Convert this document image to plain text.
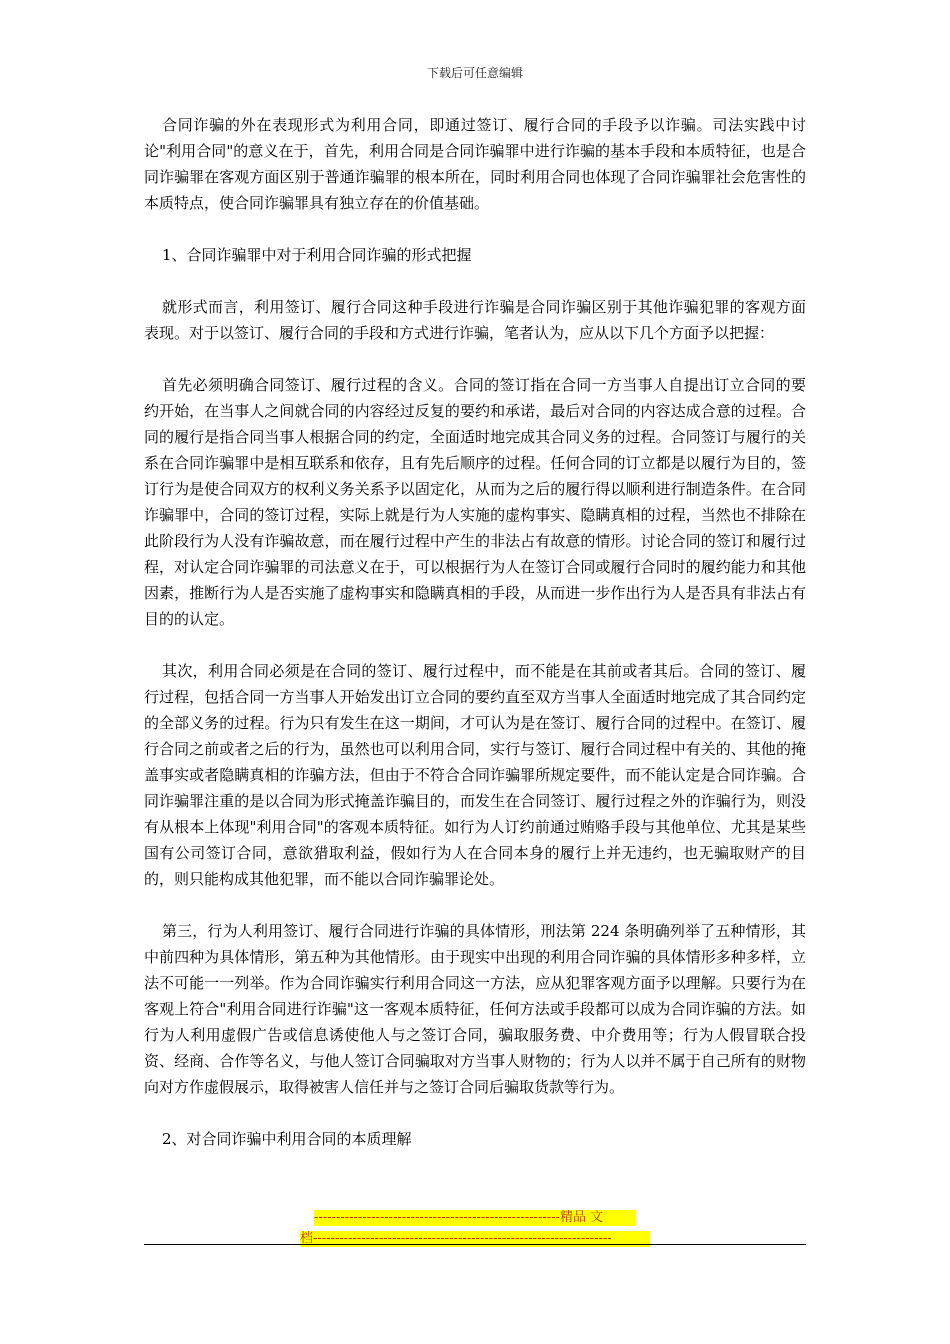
下载后可任意编辑

合同诈骗的外在表现形式为利用合同，即通过签订、履行合同的手段予以诈骗。司法实践中讨论"利用合同"的意义在于，首先，利用合同是合同诈骗罪中进行诈骗的基本手段和本质特征，也是合同诈骗罪在客观方面区别于普通诈骗罪的根本所在，同时利用合同也体现了合同诈骗罪社会危害性的本质特点，使合同诈骗罪具有独立存在的价值基础。

1、合同诈骗罪中对于利用合同诈骗的形式把握

就形式而言，利用签订、履行合同这种手段进行诈骗是合同诈骗区别于其他诈骗犯罪的客观方面表现。对于以签订、履行合同的手段和方式进行诈骗，笔者认为，应从以下几个方面予以把握：

首先必须明确合同签订、履行过程的含义。合同的签订指在合同一方当事人自提出订立合同的要约开始，在当事人之间就合同的内容经过反复的要约和承诺，最后对合同的内容达成合意的过程。合同的履行是指合同当事人根据合同的约定，全面适时地完成其合同义务的过程。合同签订与履行的关系在合同诈骗罪中是相互联系和依存，且有先后顺序的过程。任何合同的订立都是以履行为目的，签订行为是使合同双方的权利义务关系予以固定化，从而为之后的履行得以顺利进行制造条件。在合同诈骗罪中，合同的签订过程，实际上就是行为人实施的虚构事实、隐瞒真相的过程，当然也不排除在此阶段行为人没有诈骗故意，而在履行过程中产生的非法占有故意的情形。讨论合同的签订和履行过程，对认定合同诈骗罪的司法意义在于，可以根据行为人在签订合同或履行合同时的履约能力和其他因素，推断行为人是否实施了虚构事实和隐瞒真相的手段，从而进一步作出行为人是否具有非法占有目的的认定。

其次，利用合同必须是在合同的签订、履行过程中，而不能是在其前或者其后。合同的签订、履行过程，包括合同一方当事人开始发出订立合同的要约直至双方当事人全面适时地完成了其合同约定的全部义务的过程。行为只有发生在这一期间，才可认为是在签订、履行合同的过程中。在签订、履行合同之前或者之后的行为，虽然也可以利用合同，实行与签订、履行合同过程中有关的、其他的掩盖事实或者隐瞒真相的诈骗方法，但由于不符合合同诈骗罪所规定要件，而不能认定是合同诈骗。合同诈骗罪注重的是以合同为形式掩盖诈骗目的，而发生在合同签订、履行过程之外的诈骗行为，则没有从根本上体现"利用合同"的客观本质特征。如行为人订约前通过贿赂手段与其他单位、尤其是某些国有公司签订合同，意欲猎取利益，假如行为人在合同本身的履行上并无违约，也无骗取财产的目的，则只能构成其他犯罪，而不能以合同诈骗罪论处。

第三，行为人利用签订、履行合同进行诈骗的具体情形，刑法第 224 条明确列举了五种情形，其中前四种为具体情形，第五种为其他情形。由于现实中出现的利用合同诈骗的具体情形多种多样，立法不可能一一列举。作为合同诈骗实行利用合同这一方法，应从犯罪客观方面予以理解。只要行为在客观上符合"利用合同进行诈骗"这一客观本质特征，任何方法或手段都可以成为合同诈骗的方法。如行为人利用虚假广告或信息诱使他人与之签订合同，骗取服务费、中介费用等；行为人假冒联合投资、经商、合作等名义，与他人签订合同骗取对方当事人财物的；行为人以并不属于自己所有的财物向对方作虚假展示，取得被害人信任并与之签订合同后骗取货款等行为。

2、对合同诈骗中利用合同的本质理解

--------------------------------------------------------精品 文
档--------------------------------------------------------------------
